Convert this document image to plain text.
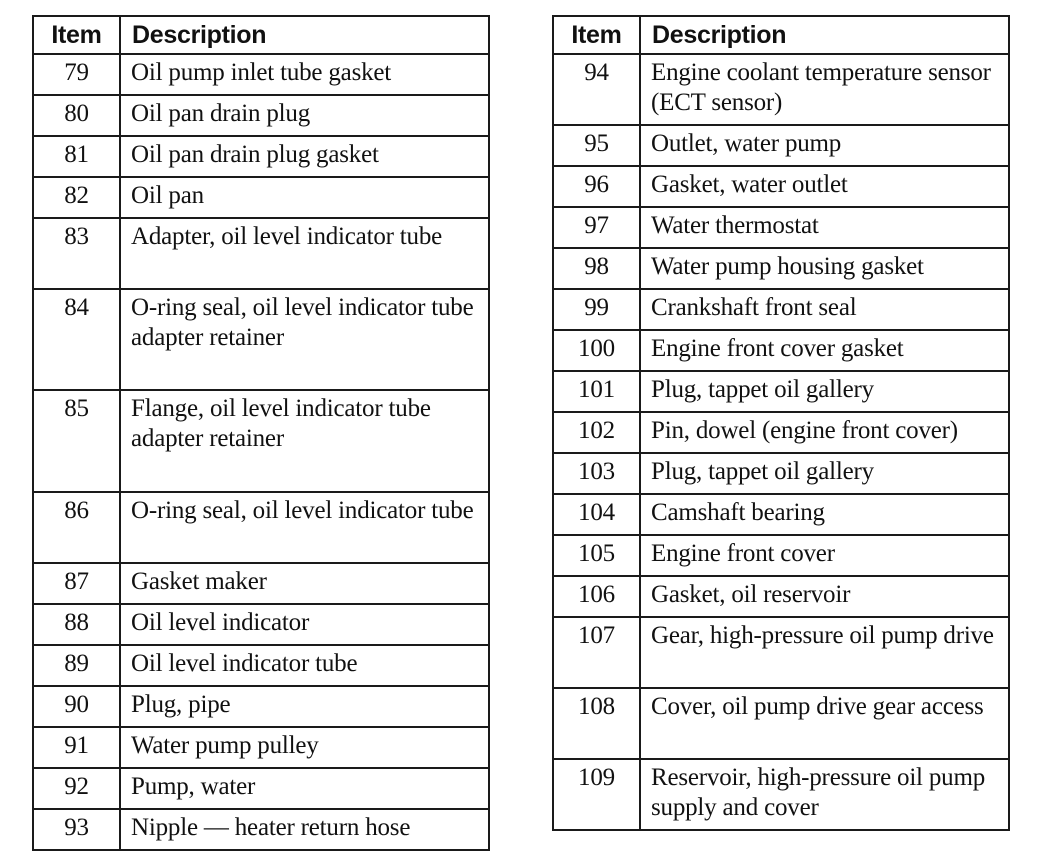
Item	Description
79	Oil pump inlet tube gasket
80	Oil pan drain plug
81	Oil pan drain plug gasket
82	Oil pan
83	Adapter, oil level indicator tube
84	O-ring seal, oil level indicator tube adapter retainer
85	Flange, oil level indicator tube adapter retainer
86	O-ring seal, oil level indicator tube
87	Gasket maker
88	Oil level indicator
89	Oil level indicator tube
90	Plug, pipe
91	Water pump pulley
92	Pump, water
93	Nipple — heater return hose
Item	Description
94	Engine coolant temperature sensor (ECT sensor)
95	Outlet, water pump
96	Gasket, water outlet
97	Water thermostat
98	Water pump housing gasket
99	Crankshaft front seal
100	Engine front cover gasket
101	Plug, tappet oil gallery
102	Pin, dowel (engine front cover)
103	Plug, tappet oil gallery
104	Camshaft bearing
105	Engine front cover
106	Gasket, oil reservoir
107	Gear, high-pressure oil pump drive
108	Cover, oil pump drive gear access
109	Reservoir, high-pressure oil pump supply and cover
